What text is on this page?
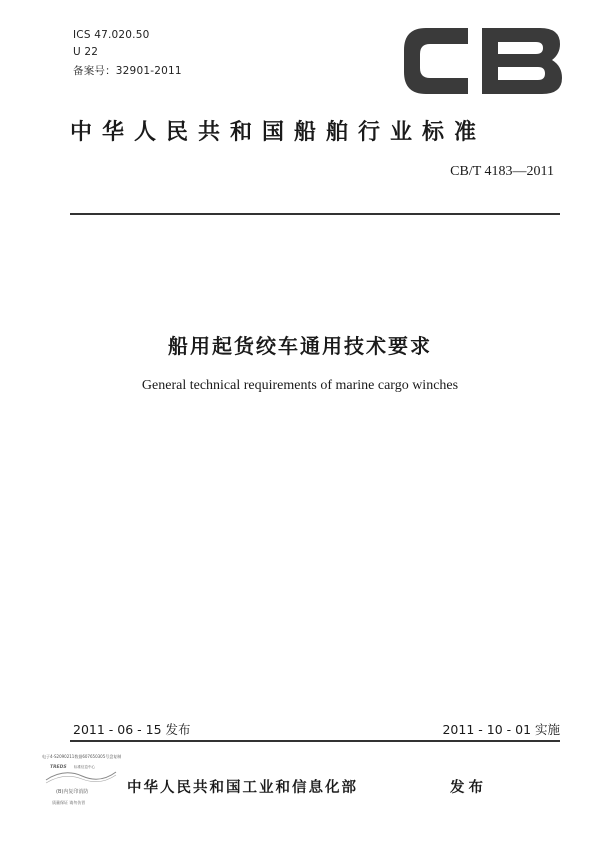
ICS 47.020.50
U 22
备案号：32901-2011
中华人民共和国船舶行业标准
CB/T 4183—2011
船用起货绞车通用技术要求
General technical requirements of marine cargo winches
2011 - 06 - 15 发布	2011 - 10 - 01 实施
电子4-S2090211数据607650305号盘复制
TREDS 标准信息中心
(B)内复印消防
质量保证 请勿仿冒
中华人民共和国工业和信息化部	发布
